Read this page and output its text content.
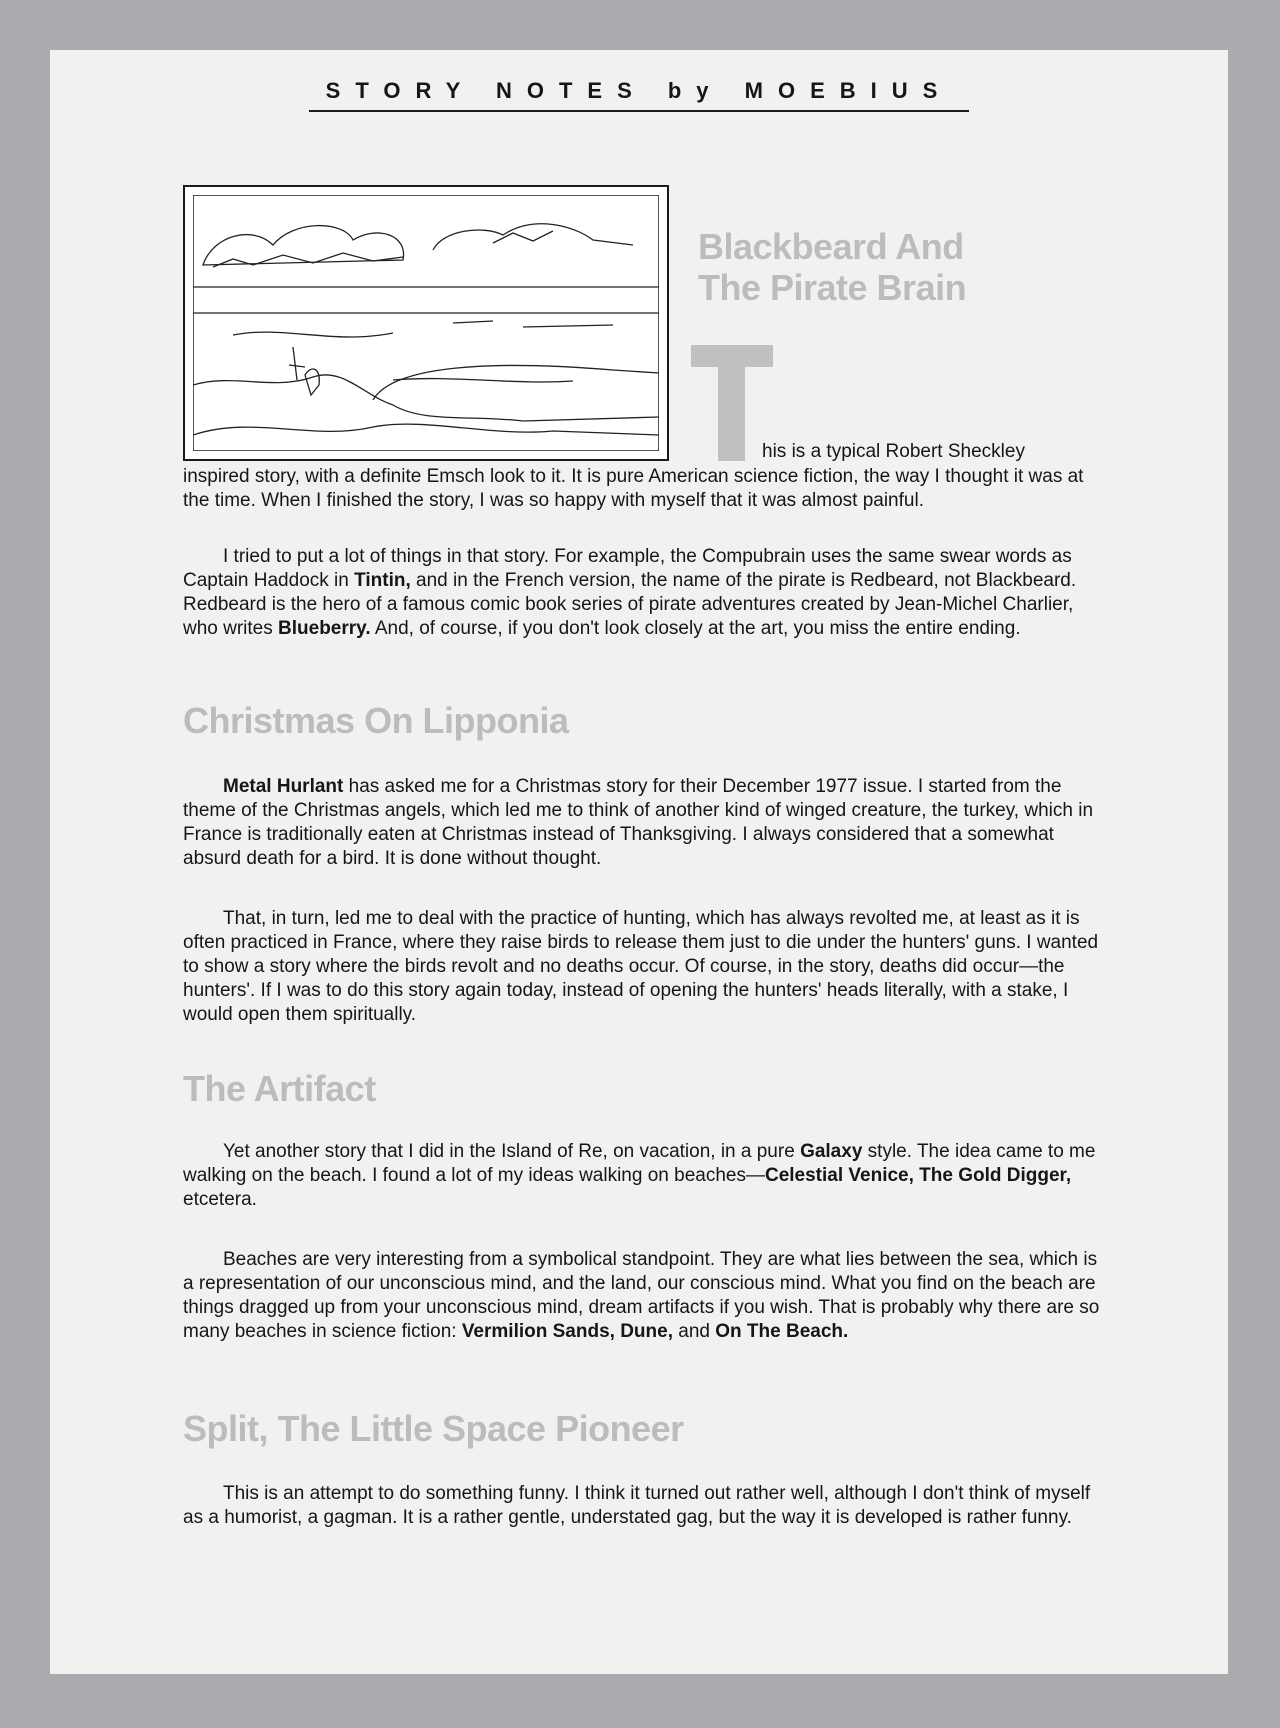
STORY NOTES by MOEBIUS
Blackbeard And
The Pirate Brain
his is a typical Robert Sheckley

inspired story, with a definite Emsch look to it. It is pure American science fiction, the way I thought it was at the time. When I finished the story, I was so happy with myself that it was almost painful.

I tried to put a lot of things in that story. For example, the Compubrain uses the same swear words as Captain Haddock in Tintin, and in the French version, the name of the pirate is Redbeard, not Blackbeard. Redbeard is the hero of a famous comic book series of pirate adventures created by Jean-Michel Charlier, who writes Blueberry. And, of course, if you don't look closely at the art, you miss the entire ending.

Christmas On Lipponia

Metal Hurlant has asked me for a Christmas story for their December 1977 issue. I started from the theme of the Christmas angels, which led me to think of another kind of winged creature, the turkey, which in France is traditionally eaten at Christmas instead of Thanksgiving. I always considered that a somewhat absurd death for a bird. It is done without thought.

That, in turn, led me to deal with the practice of hunting, which has always revolted me, at least as it is often practiced in France, where they raise birds to release them just to die under the hunters' guns. I wanted to show a story where the birds revolt and no deaths occur. Of course, in the story, deaths did occur—the hunters'. If I was to do this story again today, instead of opening the hunters' heads literally, with a stake, I would open them spiritually.

The Artifact

Yet another story that I did in the Island of Re, on vacation, in a pure Galaxy style. The idea came to me walking on the beach. I found a lot of my ideas walking on beaches—Celestial Venice, The Gold Digger, etcetera.

Beaches are very interesting from a symbolical standpoint. They are what lies between the sea, which is a representation of our unconscious mind, and the land, our conscious mind. What you find on the beach are things dragged up from your unconscious mind, dream artifacts if you wish. That is probably why there are so many beaches in science fiction: Vermilion Sands, Dune, and On The Beach.

Split, The Little Space Pioneer

This is an attempt to do something funny. I think it turned out rather well, although I don't think of myself as a humorist, a gagman. It is a rather gentle, understated gag, but the way it is developed is rather funny.
